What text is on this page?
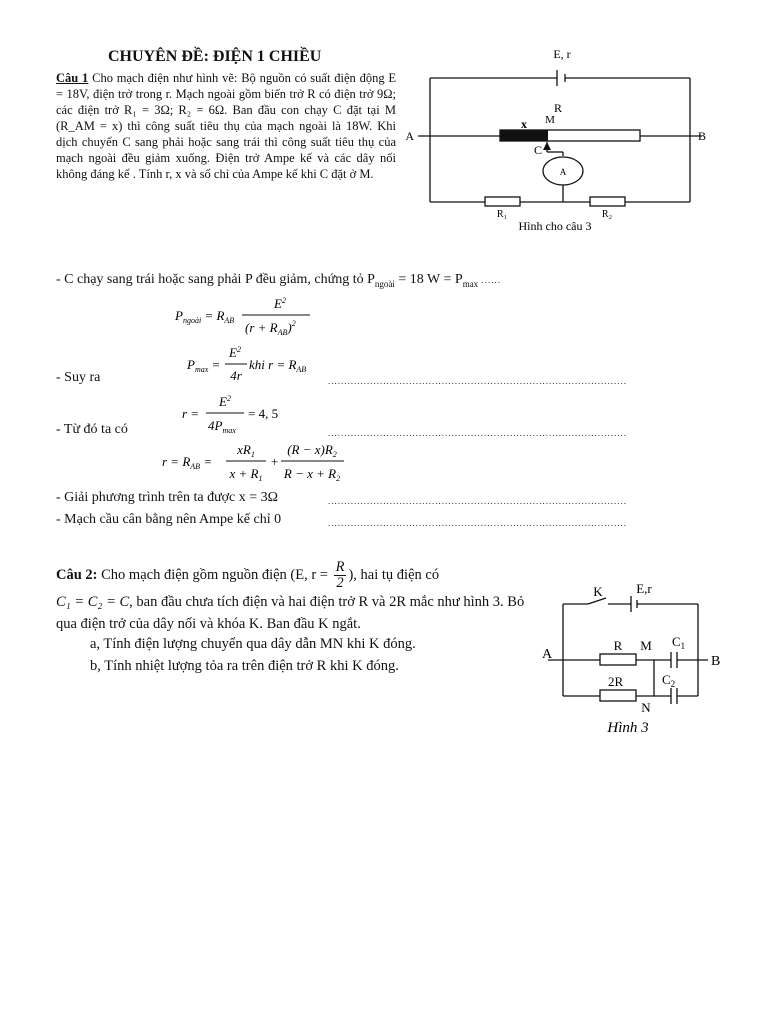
CHUYÊN ĐỀ: ĐIỆN 1 CHIỀU
Câu 1 Cho mạch điện như hình vẽ: Bộ nguồn có suất điện động E = 18V, điện trở trong r. Mạch ngoài gồm biến trở R có điện trở 9Ω; các điện trở R₁ = 3Ω; R₂ = 6Ω. Ban đầu con chạy C đặt tại M (R_AM = x) thì công suất tiêu thụ của mạch ngoài là 18W. Khi dịch chuyển C sang phải hoặc sang trái thì công suất tiêu thụ của mạch ngoài đều giảm xuống. Điện trở Ampe kế và các dây nối không đáng kể . Tính r, x và số chỉ của Ampe kế khi C đặt ở M.
E, r
R
x M
A	B
C
A
R₁	R₂
Hình cho câu 3
- C chạy sang trái hoặc sang phải P đều giảm, chứng tỏ $P_{ngoài} = 18$ $W = P_{max}$ ......
$P_{ngoài} = R_{AB}$
$E^2$
$(r + R_{AB})^2$
- Suy ra
$P_{max}$ =
$E^2$
4r
khi $r = R_{AB}$
............................................................................................
- Từ đó ta có
r =
$E^2$
$4P_{max}$
= 4, 5
............................................................................................
$r = R_{AB}$ =
$xR_1$
$x + R_1$
+
$(R - x)R_2$
$R - x + R_2$
- Giải phương trình trên ta được x = 3Ω	............................................................................................
- Mạch cầu cân bằng nên Ampe kế chỉ 0	............................................................................................
Câu 2: Cho mạch điện gồm nguồn điện (E, $r = \frac{R}{2}$ ), hai tụ điện có
C₁ = C₂ = C, ban đầu chưa tích điện và hai điện trở R và 2R mắc như hình 3. Bỏ qua điện trở của dây nối và khóa K. Ban đầu K ngắt.
a, Tính điện lượng chuyển qua dây dẫn MN khi K đóng.
b, Tính nhiệt lượng tỏa ra trên điện trở R khi K đóng.
K	E,r
A
R M $C_1$
B
2R	$C_2$
N
Hình 3
